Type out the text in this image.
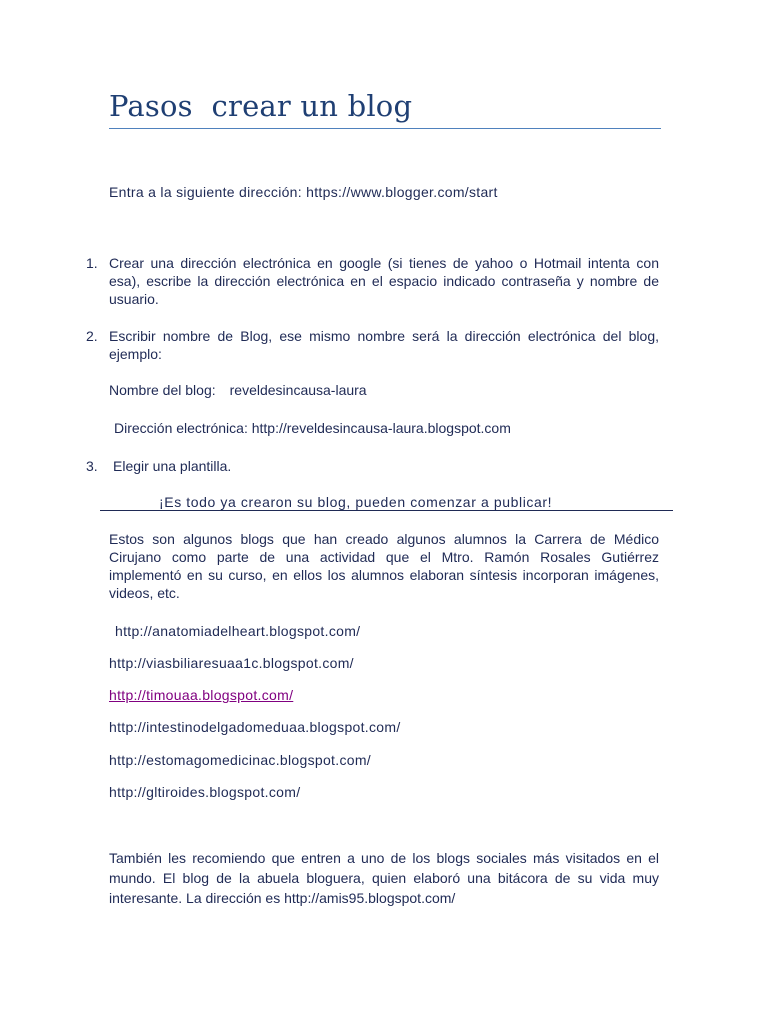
Pasos  crear un blog
Entra a la siguiente dirección: https://www.blogger.com/start
1. Crear una dirección electrónica en google (si tienes de yahoo o Hotmail intenta con esa), escribe la dirección electrónica en el espacio indicado contraseña y nombre de usuario.
2. Escribir nombre de Blog, ese mismo nombre será la dirección electrónica del blog, ejemplo:
Nombre del blog: reveldesincausa-laura
Dirección electrónica: http://reveldesincausa-laura.blogspot.com
3. Elegir una plantilla.
¡Es todo ya crearon su blog, pueden comenzar a publicar!
Estos son algunos blogs que han creado algunos alumnos la Carrera de Médico Cirujano como parte de una actividad que el Mtro. Ramón Rosales Gutiérrez implementó en su curso, en ellos los alumnos elaboran síntesis incorporan imágenes, videos, etc.
http://anatomiadelheart.blogspot.com/
http://viasbiliaresuaa1c.blogspot.com/
http://timouaa.blogspot.com/
http://intestinodelgadomeduaa.blogspot.com/
http://estomagomedicinac.blogspot.com/
http://gltiroides.blogspot.com/
También les recomiendo que entren a uno de los blogs sociales más visitados en el mundo. El blog de la abuela bloguera, quien elaboró una bitácora de su vida muy interesante. La dirección es http://amis95.blogspot.com/
